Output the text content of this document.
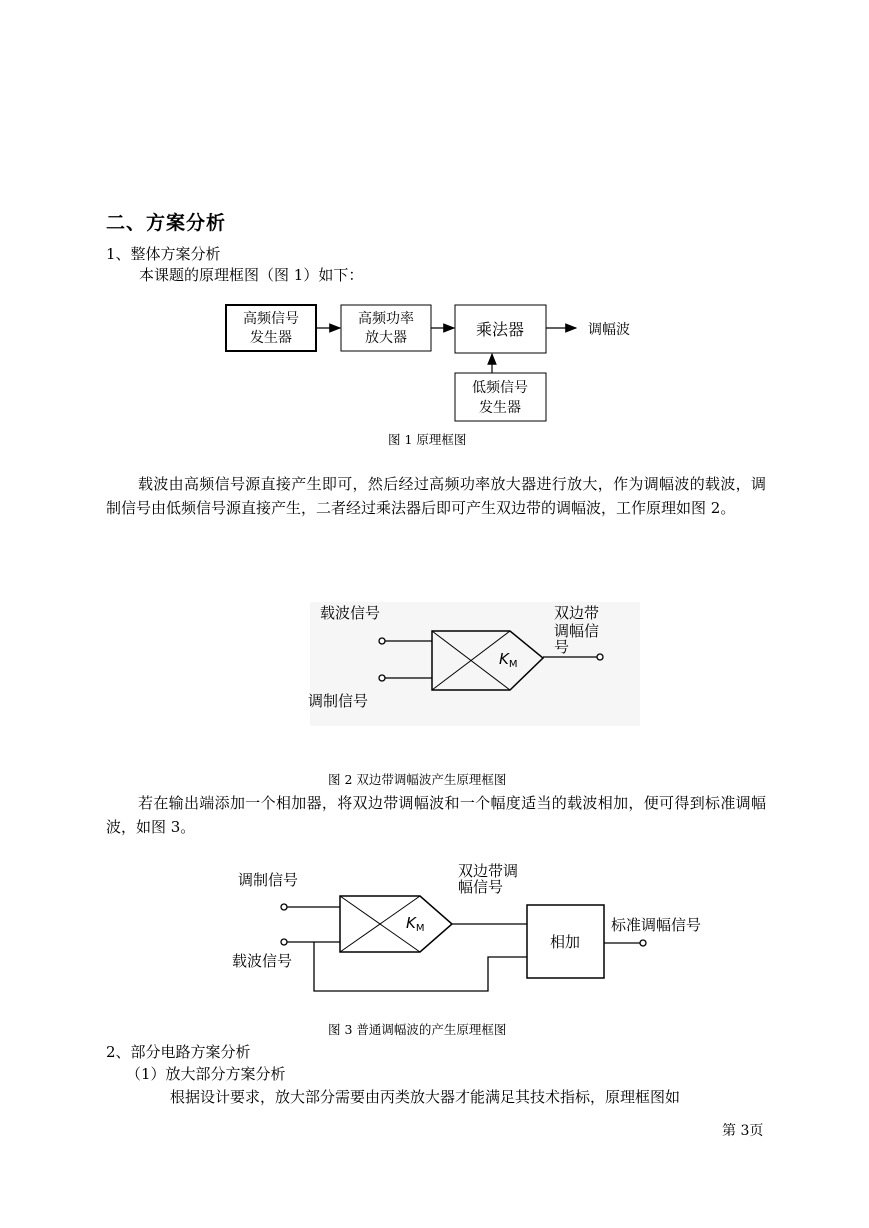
二、方案分析
1、整体方案分析
本课题的原理框图（图 1）如下：
高频信号
发生器
高频功率
放大器	乘法器	调幅波
低频信号
发生器
图 1 原理框图
载波由高频信号源直接产生即可，然后经过高频功率放大器进行放大，作为调幅波的载波，调制信号由低频信号源直接产生，二者经过乘法器后即可产生双边带的调幅波，工作原理如图 2。
载波信号
调制信号
$K_M$
双边带
调幅信
号
图 2 双边带调幅波产生原理框图
若在输出端添加一个相加器，将双边带调幅波和一个幅度适当的载波相加，便可得到标准调幅波，如图 3。
调制信号
载波信号
$K_M$
双边带调
幅信号
相加
标准调幅信号
图 3 普通调幅波的产生原理框图
2、部分电路方案分析
（1）放大部分方案分析
根据设计要求，放大部分需要由丙类放大器才能满足其技术指标，原理框图如
第 3页
